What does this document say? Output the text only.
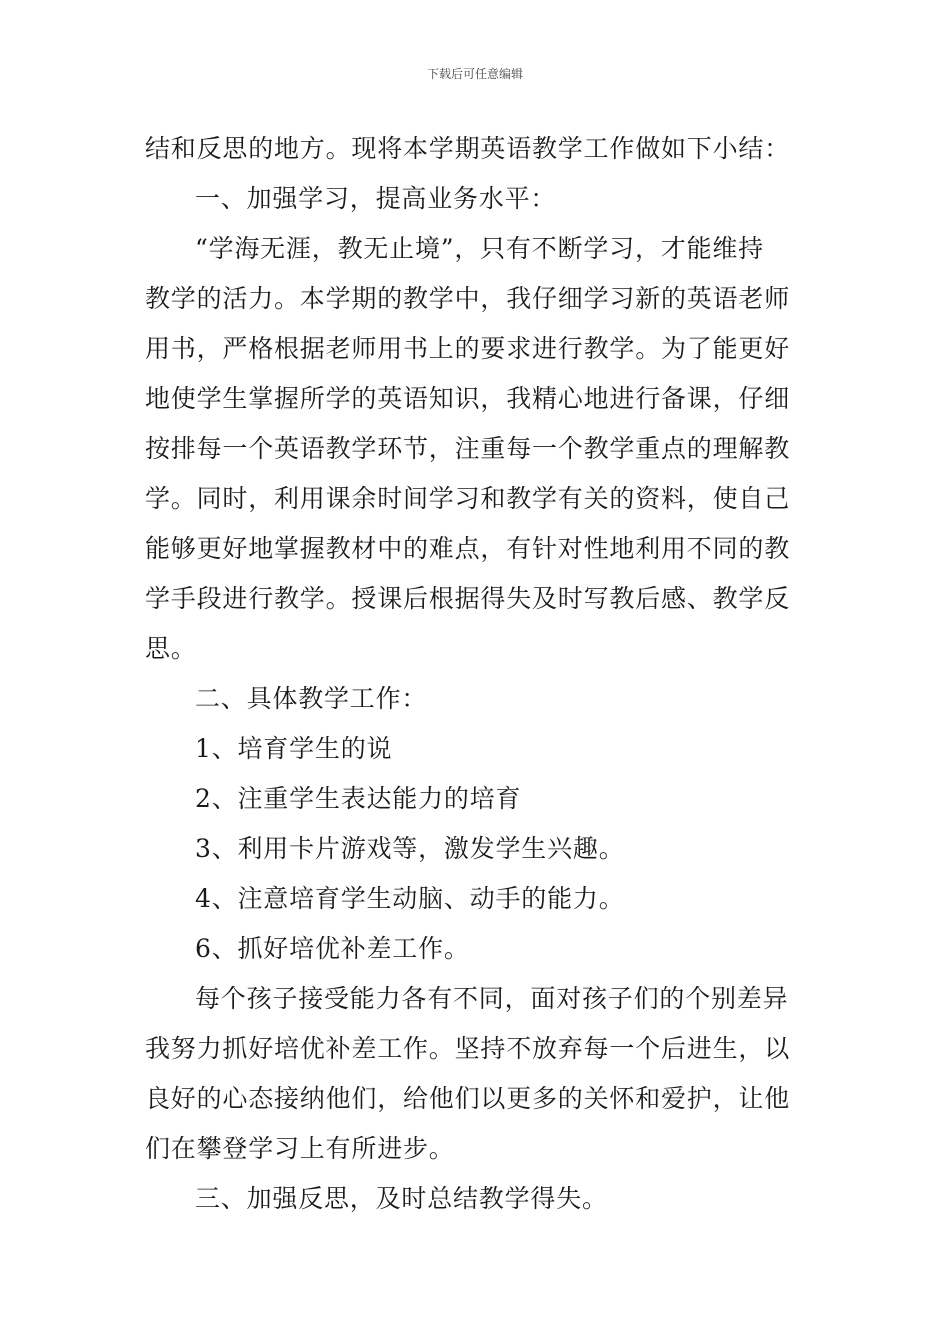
下载后可任意编辑
结和反思的地方。现将本学期英语教学工作做如下小结：
一、加强学习，提高业务水平：
“学海无涯，教无止境”，只有不断学习，才能维持
教学的活力。本学期的教学中，我仔细学习新的英语老师
用书，严格根据老师用书上的要求进行教学。为了能更好
地使学生掌握所学的英语知识，我精心地进行备课，仔细
按排每一个英语教学环节，注重每一个教学重点的理解教
学。同时，利用课余时间学习和教学有关的资料，使自己
能够更好地掌握教材中的难点，有针对性地利用不同的教
学手段进行教学。授课后根据得失及时写教后感、教学反
思。
二、具体教学工作：
1、培育学生的说
2、注重学生表达能力的培育
3、利用卡片游戏等，激发学生兴趣。
4、注意培育学生动脑、动手的能力。
6、抓好培优补差工作。
每个孩子接受能力各有不同，面对孩子们的个别差异
我努力抓好培优补差工作。坚持不放弃每一个后进生，以
良好的心态接纳他们，给他们以更多的关怀和爱护，让他
们在攀登学习上有所进步。
三、加强反思，及时总结教学得失。
